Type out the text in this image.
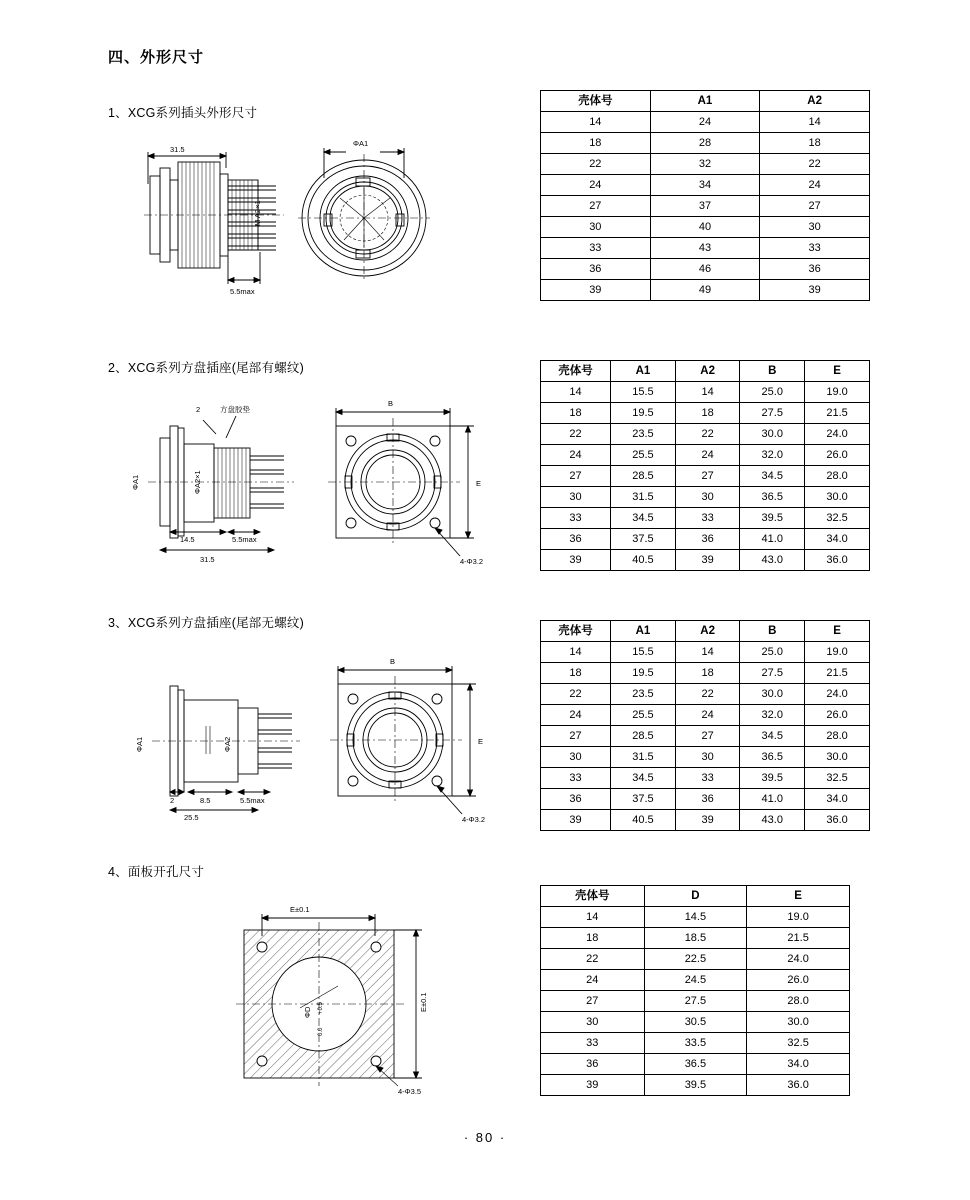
四、外形尺寸
1、XCG系列插头外形尺寸
31.5
M A2×1
5.5max
ΦA1
壳体号	A1	A2
14	24	14
18	28	18
22	32	22
24	34	24
27	37	27
30	40	30
33	43	33
36	46	36
39	49	39
2、XCG系列方盘插座(尾部有螺纹)
2	方盘胶垫
ΦA1	ΦA2×1
14.5	5.5max
31.5
B
E
4-Φ3.2
壳体号	A1	A2	B	E
14	15.5	14	25.0	19.0
18	19.5	18	27.5	21.5
22	23.5	22	30.0	24.0
24	25.5	24	32.0	26.0
27	28.5	27	34.5	28.0
30	31.5	30	36.5	30.0
33	34.5	33	39.5	32.5
36	37.5	36	41.0	34.0
39	40.5	39	43.0	36.0
3、XCG系列方盘插座(尾部无螺纹)
ΦA1	ΦA2
2	8.5	5.5max
25.5
B
E
4-Φ3.2
壳体号	A1	A2	B	E
14	15.5	14	25.0	19.0
18	19.5	18	27.5	21.5
22	23.5	22	30.0	24.0
24	25.5	24	32.0	26.0
27	28.5	27	34.5	28.0
30	31.5	30	36.5	30.0
33	34.5	33	39.5	32.5
36	37.5	36	41.0	34.0
39	40.5	39	43.0	36.0
4、面板开孔尺寸
E±0.1
ΦD +0.5
0.0
E±0.1
4-Φ3.5
壳体号	D	E
14	14.5	19.0
18	18.5	21.5
22	22.5	24.0
24	24.5	26.0
27	27.5	28.0
30	30.5	30.0
33	33.5	32.5
36	36.5	34.0
39	39.5	36.0
· 80 ·
